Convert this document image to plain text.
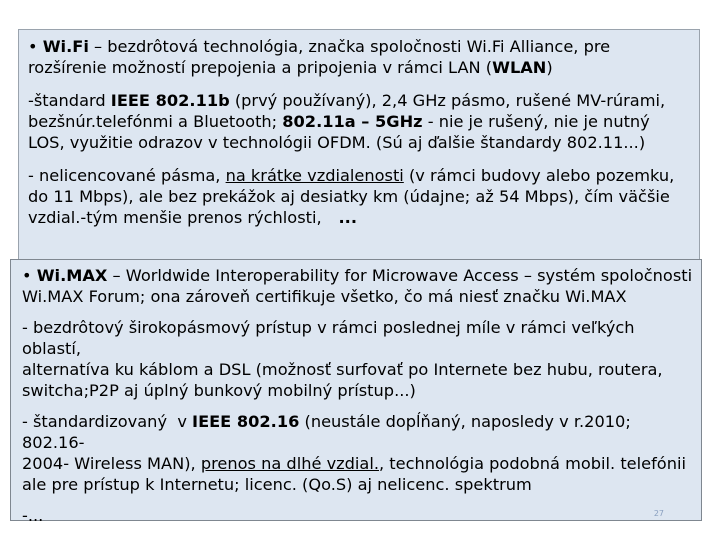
• Wi.Fi – bezdrôtová technológia, značka spoločnosti Wi.Fi Alliance, pre
rozšírenie možností prepojenia a pripojenia v rámci LAN (WLAN)

-štandard IEEE 802.11b (prvý používaný), 2,4 GHz pásmo, rušené MV-rúrami,
bezšnúr.telefónmi a Bluetooth; 802.11a – 5GHz - nie je rušený, nie je nutný
LOS, využitie odrazov v technológii OFDM. (Sú aj ďalšie štandardy 802.11...)

- nelicencované pásma, na krátke vzdialenosti (v rámci budovy alebo pozemku,
do 11 Mbps), ale bez prekážok aj desiatky km (údajne; až 54 Mbps), čím väčšie
vzdial.-tým menšie prenos rýchlosti,   ...

• Wi.MAX – Worldwide Interoperability for Microwave Access – systém spoločnosti
Wi.MAX Forum; ona zároveň certifikuje všetko, čo má niesť značku Wi.MAX

- bezdrôtový širokopásmový prístup v rámci poslednej míle v rámci veľkých oblastí,
alternatíva ku káblom a DSL (možnosť surfovať po Internete bez hubu, routera,
switcha;P2P aj úplný bunkový mobilný prístup...)

- štandardizovaný  v IEEE 802.16 (neustále dopĺňaný, naposledy v r.2010; 802.16-
2004- Wireless MAN), prenos na dlhé vzdial., technológia podobná mobil. telefónii
ale pre prístup k Internetu; licenc. (Qo.S) aj nelicenc. spektrum

-...	27
